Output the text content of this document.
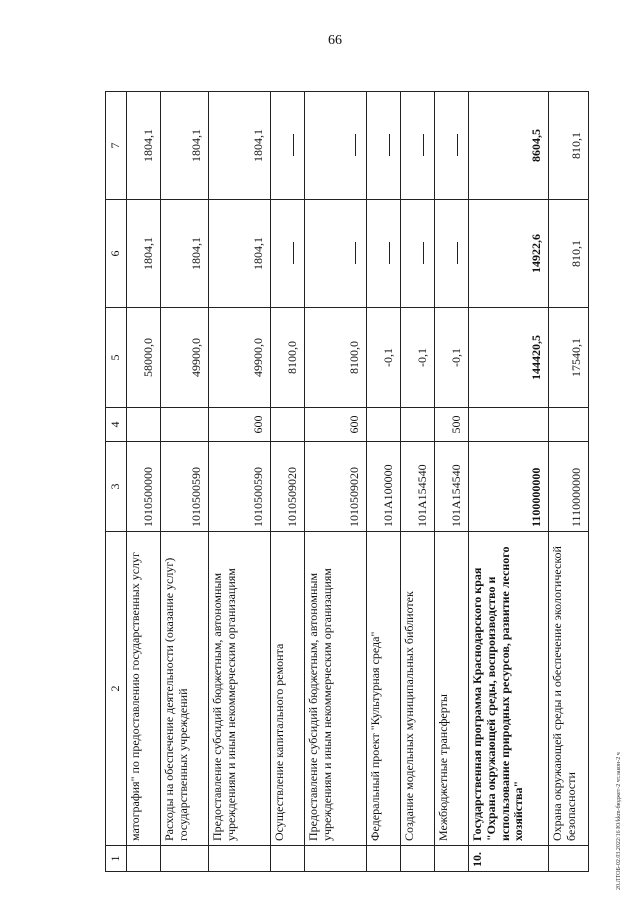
66
20.ЛТОБ-02.03.2022/16 Ю/kkm-бюджет-2 чт.закон-2 ч
1	2	3	4	5	6	7
	матография" по предоставлению государственных услуг	1010500000		58000,0	1804,1	1804,1
	Расходы на обеспечение деятельности (оказание услуг) государственных учреждений	1010500590		49900,0	1804,1	1804,1
	Предоставление субсидий бюджетным, автономным учреждениям и иным некоммерческим организациям	1010500590	600	49900,0	1804,1	1804,1
	Осуществление капитального ремонта	1010509020		8100,0		
	Предоставление субсидий бюджетным, автономным учреждениям и иным некоммерческим организациям	1010509020	600	8100,0		
	Федеральный проект "Культурная среда"	101A100000		-0,1		
	Создание модельных муниципальных библиотек	101A154540		-0,1		
	Межбюджетные трансферты	101A154540	500	-0,1		
10.	Государственная программа Краснодарского края "Охрана окружающей среды, воспроизводство и использование природных ресурсов, развитие лесного хозяйства"	1100000000		144420,5	14922,6	8604,5
	Охрана окружающей среды и обеспечение экологической безопасности	1110000000		17540,1	810,1	810,1
